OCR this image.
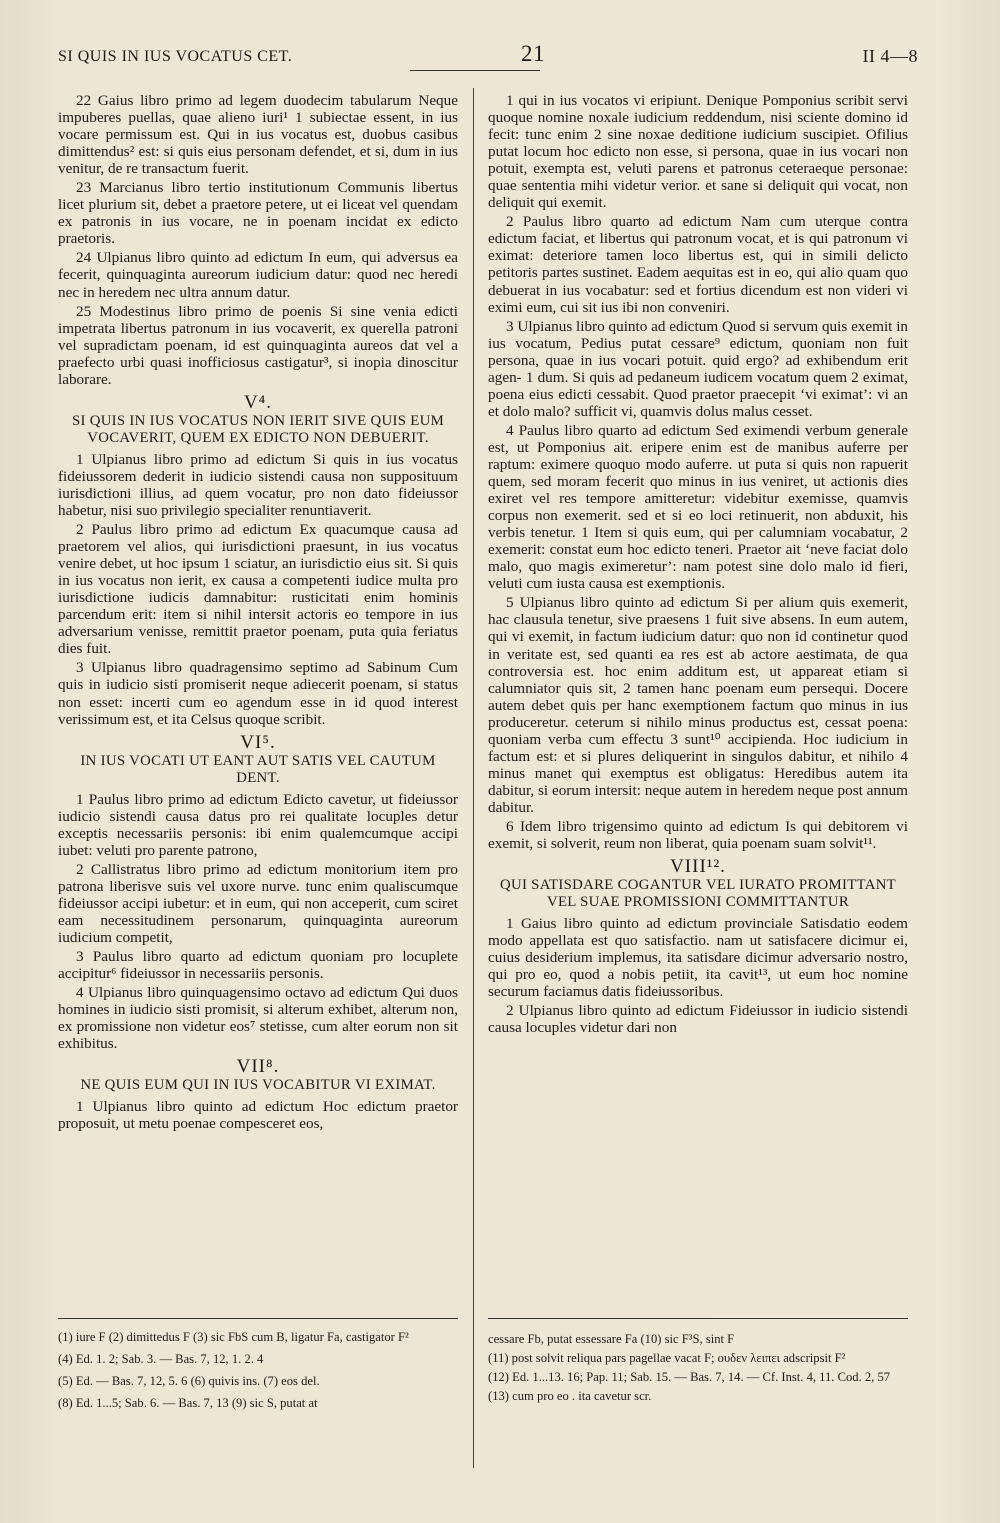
SI QUIS IN IUS VOCATUS CET.	21	II 4—8
22 Gaius libro primo ad legem duodecim tabularum Neque impuberes puellas, quae alieno iuri¹ 1 subiectae essent, in ius vocare permissum est. Qui in ius vocatus est, duobus casibus dimittendus² est: si quis eius personam defendet, et si, dum in ius venitur, de re transactum fuerit.
23 Marcianus libro tertio institutionum Communis libertus licet plurium sit, debet a praetore petere, ut ei liceat vel quendam ex patronis in ius vocare, ne in poenam incidat ex edicto praetoris.
24 Ulpianus libro quinto ad edictum In eum, qui adversus ea fecerit, quinquaginta aureorum iudicium datur: quod nec heredi nec in heredem nec ultra annum datur.
25 Modestinus libro primo de poenis Si sine venia edicti impetrata libertus patronum in ius vocaverit, ex querella patroni vel supradictam poenam, id est quinquaginta aureos dat vel a praefecto urbi quasi inofficiosus castigatur³, si inopia dinoscitur laborare.
V⁴.
SI QUIS IN IUS VOCATUS NON IERIT SIVE QUIS EUM VOCAVERIT, QUEM EX EDICTO NON DEBUERIT.
1 Ulpianus libro primo ad edictum Si quis in ius vocatus fideiussorem dederit in iudicio sistendi causa non supposituum iurisdictioni illius, ad quem vocatur, pro non dato fideiussor habetur, nisi suo privilegio specialiter renuntiaverit.
2 Paulus libro primo ad edictum Ex quacumque causa ad praetorem vel alios, qui iurisdictioni praesunt, in ius vocatus venire debet, ut hoc ipsum 1 sciatur, an iurisdictio eius sit. Si quis in ius vocatus non ierit, ex causa a competenti iudice multa pro iurisdictione iudicis damnabitur: rusticitati enim hominis parcendum erit: item si nihil intersit actoris eo tempore in ius adversarium venisse, remittit praetor poenam, puta quia feriatus dies fuit.
3 Ulpianus libro quadragensimo septimo ad Sabinum Cum quis in iudicio sisti promiserit neque adiecerit poenam, si status non esset: incerti cum eo agendum esse in id quod interest verissimum est, et ita Celsus quoque scribit.
VI⁵.
IN IUS VOCATI UT EANT AUT SATIS VEL CAUTUM DENT.
1 Paulus libro primo ad edictum Edicto cavetur, ut fideiussor iudicio sistendi causa datus pro rei qualitate locuples detur exceptis necessariis personis: ibi enim qualemcumque accipi iubet: veluti pro parente patrono,
2 Callistratus libro primo ad edictum monitorium item pro patrona liberisve suis vel uxore nurve. tunc enim qualiscumque fideiussor accipi iubetur: et in eum, qui non acceperit, cum sciret eam necessitudinem personarum, quinquaginta aureorum iudicium competit,
3 Paulus libro quarto ad edictum quoniam pro locuplete accipitur⁶ fideiussor in necessariis personis.
4 Ulpianus libro quinquagensimo octavo ad edictum Qui duos homines in iudicio sisti promisit, si alterum exhibet, alterum non, ex promissione non videtur eos⁷ stetisse, cum alter eorum non sit exhibitus.
VII⁸.
NE QUIS EUM QUI IN IUS VOCABITUR VI EXIMAT.
1 Ulpianus libro quinto ad edictum Hoc edictum praetor proposuit, ut metu poenae compesceret eos,
1 qui in ius vocatos vi eripiunt. Denique Pomponius scribit servi quoque nomine noxale iudicium reddendum, nisi sciente domino id fecit: tunc enim 2 sine noxae deditione iudicium suscipiet. Ofilius putat locum hoc edicto non esse, si persona, quae in ius vocari non potuit, exempta est, veluti parens et patronus ceteraeque personae: quae sententia mihi videtur verior. et sane si deliquit qui vocat, non deliquit qui exemit.
2 Paulus libro quarto ad edictum Nam cum uterque contra edictum faciat, et libertus qui patronum vocat, et is qui patronum vi eximat: deteriore tamen loco libertus est, qui in simili delicto petitoris partes sustinet. Eadem aequitas est in eo, qui alio quam quo debuerat in ius vocabatur: sed et fortius dicendum est non videri vi eximi eum, cui sit ius ibi non conveniri.
3 Ulpianus libro quinto ad edictum Quod si servum quis exemit in ius vocatum, Pedius putat cessare⁹ edictum, quoniam non fuit persona, quae in ius vocari potuit. quid ergo? ad exhibendum erit agen- 1 dum. Si quis ad pedaneum iudicem vocatum quem 2 eximat, poena eius edicti cessabit. Quod praetor praecepit ‘vi eximat’: vi an et dolo malo? sufficit vi, quamvis dolus malus cesset.
4 Paulus libro quarto ad edictum Sed eximendi verbum generale est, ut Pomponius ait. eripere enim est de manibus auferre per raptum: eximere quoquo modo auferre. ut puta si quis non rapuerit quem, sed moram fecerit quo minus in ius veniret, ut actionis dies exiret vel res tempore amitteretur: videbitur exemisse, quamvis corpus non exemerit. sed et si eo loci retinuerit, non abduxit, his verbis tenetur. 1 Item si quis eum, qui per calumniam vocabatur, 2 exemerit: constat eum hoc edicto teneri. Praetor ait ‘neve faciat dolo malo, quo magis eximeretur’: nam potest sine dolo malo id fieri, veluti cum iusta causa est exemptionis.
5 Ulpianus libro quinto ad edictum Si per alium quis exemerit, hac clausula tenetur, sive praesens 1 fuit sive absens. In eum autem, qui vi exemit, in factum iudicium datur: quo non id continetur quod in veritate est, sed quanti ea res est ab actore aestimata, de qua controversia est. hoc enim additum est, ut appareat etiam si calumniator quis sit, 2 tamen hanc poenam eum persequi. Docere autem debet quis per hanc exemptionem factum quo minus in ius produceretur. ceterum si nihilo minus productus est, cessat poena: quoniam verba cum effectu 3 sunt¹⁰ accipienda. Hoc iudicium in factum est: et si plures deliquerint in singulos dabitur, et nihilo 4 minus manet qui exemptus est obligatus: Heredibus autem ita dabitur, si eorum intersit: neque autem in heredem neque post annum dabitur.
6 Idem libro trigensimo quinto ad edictum Is qui debitorem vi exemit, si solverit, reum non liberat, quia poenam suam solvit¹¹.
VIII¹².
QUI SATISDARE COGANTUR VEL IURATO PROMITTANT VEL SUAE PROMISSIONI COMMITTANTUR
1 Gaius libro quinto ad edictum provinciale Satisdatio eodem modo appellata est quo satisfactio. nam ut satisfacere dicimur ei, cuius desiderium implemus, ita satisdare dicimur adversario nostro, qui pro eo, quod a nobis petiit, ita cavit¹³, ut eum hoc nomine securum faciamus datis fideiussoribus.
2 Ulpianus libro quinto ad edictum Fideiussor in iudicio sistendi causa locuples videtur dari non
(1) iure F (2) dimittedus F (3) sic FbS cum B, ligatur Fa, castigator F²
(4) Ed. 1. 2; Sab. 3. — Bas. 7, 12, 1. 2. 4
(5) Ed. — Bas. 7, 12, 5. 6 (6) quivis ins. (7) eos del.
(8) Ed. 1...5; Sab. 6. — Bas. 7, 13 (9) sic S, putat at
cessare Fb, putat essessare Fa (10) sic F³S, sint F
(11) post solvit reliqua pars pagellae vacat F; ουδεν λειπει adscripsit F²
(12) Ed. 1...13. 16; Pap. 11; Sab. 15. — Bas. 7, 14. — Cf. Inst. 4, 11. Cod. 2, 57 (13) cum pro eo . ita cavetur scr.
